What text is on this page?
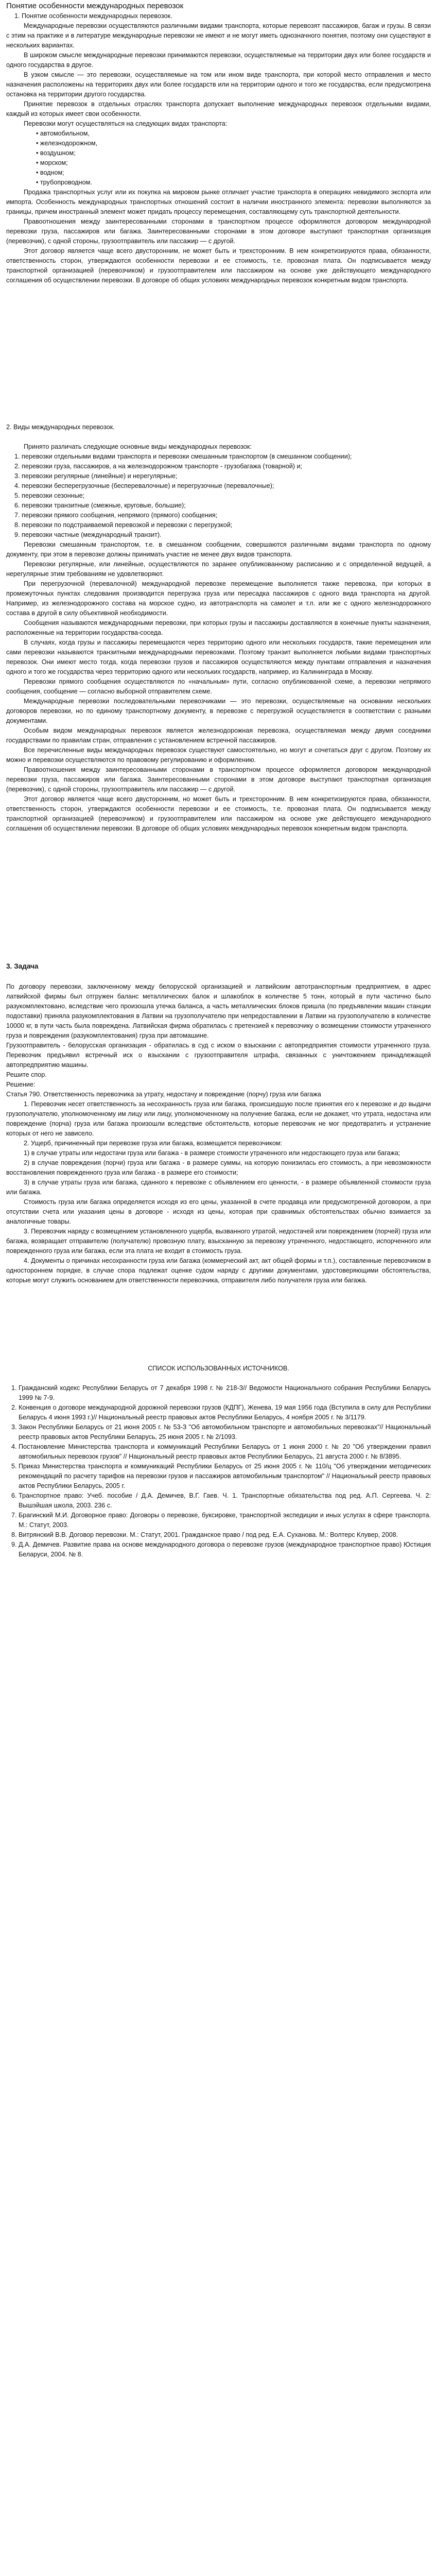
Понятие особенности международных перевозок
1. Понятие особенности международных перевозок.

Международные перевозки осуществляются различными видами транспорта, которые перевозят пассажиров, багаж и грузы. В связи с этим на практике и в литературе международные перевозки не имеют и не могут иметь однозначного понятия, поэтому они существуют в нескольких вариантах.

В широком смысле международные перевозки принимаются перевозки, осуществляемые на территории двух или более государств и одного государства в другое.

В узком смысле — это перевозки, осуществляемые на том или ином виде транспорта, при которой место отправления и место назначения расположены на территориях двух или более государств или на территории одного и того же государства, если предусмотрена остановка на территории другого государства.

Принятие перевозок в отдельных отраслях транспорта допускает выполнение международных перевозок отдельными видами, каждый из которых имеет свои особенности.

Перевозки могут осуществляться на следующих видах транспорта:

• автомобильном,

• железнодорожном,

• воздушном;

• морском;

• водном;

• трубопроводном.

Продажа транспортных услуг или их покупка на мировом рынке отличает участие транспорта в операциях невидимого экспорта или импорта. Особенность международных транспортных отношений состоит в наличии иностранного элемента: перевозки выполняются за границы, причем иностранный элемент может придать процессу перемещения, составляющему суть транспортной деятельности.

Правоотношения между заинтересованными сторонами в транспортном процессе оформляются договором международной перевозки груза, пассажиров или багажа. Заинтересованными сторонами в этом договоре выступают транспортная организация (перевозчик), с одной стороны, грузоотправитель или пассажир — с другой.

Этот договор является чаще всего двусторонним, не может быть и трехсторонним. В нем конкретизируются права, обязанности, ответственность сторон, утверждаются особенности перевозки и ее стоимость, т.е. провозная плата. Он подписывается между транспортной организацией (перевозчиком) и грузоотправителем или пассажиром на основе уже действующего международного соглашения об осуществлении перевозки. В договоре об общих условиях международных перевозок конкретным видом транспорта.

2. Виды международных перевозок.

Принято различать следующие основные виды международных перевозок:

1. перевозки отдельными видами транспорта и перевозки смешанным транспортом (в смешанном сообщении);
2. перевозки груза, пассажиров, а на железнодорожном транспорте - грузобагажа (товарной) и;
3. перевозки регулярные (линейные) и нерегулярные;
4. перевозки бесперегрузочные (бесперевалочные) и перегрузочные (перевалочные);
5. перевозки сезонные;
6. перевозки транзитные (смежные, круговые, большие);
7. перевозки прямого сообщения, непрямого (прямого) сообщения;
8. перевозки по подстраиваемой перевозкой и перевозки с перегрузкой;
9. перевозки частные (международный транзит).

Перевозки смешанным транспортом, т.е. в смешанном сообщении, совершаются различными видами транспорта по одному документу, при этом в перевозке должны принимать участие не менее двух видов транспорта.

Перевозки регулярные, или линейные, осуществляются по заранее опубликованному расписанию и с определенной ведущей, а нерегулярные этим требованиям не удовлетворяют.

При перегрузочной (перевалочной) международной перевозке перемещение выполняется также перевозка, при которых в промежуточных пунктах следования производится перегрузка груза или пересадка пассажиров с одного вида транспорта на другой. Например, из железнодорожного состава на морское судно, из автотранспорта на самолет и т.п. или же с одного железнодорожного состава в другой в силу объективной необходимости.

Сообщения называются международными перевозки, при которых грузы и пассажиры доставляются в конечные пункты назначения, расположенные на территории государства-соседа.

В случаях, когда грузы и пассажиры перемещаются через территорию одного или нескольких государств, такие перемещения или сами перевозки называются транзитными международными перевозками. Поэтому транзит выполняется любыми видами транспортных перевозок. Они имеют место тогда, когда перевозки грузов и пассажиров осуществляются между пунктами отправления и назначения одного и того же государства через территорию одного или нескольких государств, например, из Калининграда в Москву.

Перевозки прямого сообщения осуществляются по «начальным» пути, согласно опубликованной схеме, а перевозки непрямого сообщения, сообщение — согласно выборной отправителем схеме.

Международные перевозки последовательными перевозчиками — это перевозки, осуществляемые на основании нескольких договоров перевозки, но по единому транспортному документу, в перевозке с перегрузкой осуществляется в соответствии с разными документами.

Особым видом международных перевозок является железнодорожная перевозка, осуществляемая между двумя соседними государствами по правилам стран, отправления с установлением встречной пассажиров.

Все перечисленные виды международных перевозок существуют самостоятельно, но могут и сочетаться друг с другом. Поэтому их можно и перевозки осуществляются по правовому регулированию и оформлению.

Правоотношения между заинтересованными сторонами в транспортном процессе оформляется договором международной перевозки груза, пассажиров или багажа. Заинтересованными сторонами в этом договоре выступают транспортная организация (перевозчик), с одной стороны, грузоотправитель или пассажир — с другой.

Этот договор является чаще всего двусторонним, но может быть и трехсторонним. В нем конкретизируются права, обязанности, ответственность сторон, утверждаются особенности перевозки и ее стоимость, т.е. провозная плата. Он подписывается между транспортной организацией (перевозчиком) и грузоотправителем или пассажиром на основе уже действующего международного соглашения об осуществлении перевозки. В договоре об общих условиях международных перевозок конкретным видом транспорта.

3. Задача

По договору перевозки, заключенному между белорусской организацией и латвийским автотранспортным предприятием, в адрес латвийской фирмы был отгружен баланс металлических балок и шлакоблок в количестве 5 тонн, который в пути частично было разукомплектовано, вследствие чего произошла утечка баланса, а часть металлических блоков пришла (по предъявлении машин станции подоставки) приняла разукомплектования в Латвии на грузополучателю при непредоставлении в Латвии на грузополучателю в количестве 10000 кг, в пути часть была повреждена. Латвийская фирма обратилась с претензией к перевозчику о возмещении стоимости утраченного груза и повреждения (разукомплектования) груза при автомашине.

Грузоотправитель - белорусская организация - обратилась в суд с иском о взыскании с автопредприятия стоимости утраченного груза. Перевозчик предъявил встречный иск о взыскании с грузоотправителя штрафа, связанных с уничтожением принадлежащей автопредприятию машины.

Решите спор.

Решение:

Статья 790. Ответственность перевозчика за утрату, недостачу и повреждение (порчу) груза или багажа

1. Перевозчик несет ответственность за несохранность груза или багажа, происшедшую после принятия его к перевозке и до выдачи грузополучателю, уполномоченному им лицу или лицу, уполномоченному на получение багажа, если не докажет, что утрата, недостача или повреждение (порча) груза или багажа произошли вследствие обстоятельств, которые перевозчик не мог предотвратить и устранение которых от него не зависело.

2. Ущерб, причиненный при перевозке груза или багажа, возмещается перевозчиком:

1) в случае утраты или недостачи груза или багажа - в размере стоимости утраченного или недостающего груза или багажа;

2) в случае повреждения (порчи) груза или багажа - в размере суммы, на которую понизилась его стоимость, а при невозможности восстановления поврежденного груза или багажа - в размере его стоимости;

3) в случае утраты груза или багажа, сданного к перевозке с объявлением его ценности, - в размере объявленной стоимости груза или багажа.

Стоимость груза или багажа определяется исходя из его цены, указанной в счете продавца или предусмотренной договором, а при отсутствии счета или указания цены в договоре - исходя из цены, которая при сравнимых обстоятельствах обычно взимается за аналогичные товары.

3. Перевозчик наряду с возмещением установленного ущерба, вызванного утратой, недостачей или повреждением (порчей) груза или багажа, возвращает отправителю (получателю) провозную плату, взысканную за перевозку утраченного, недостающего, испорченного или поврежденного груза или багажа, если эта плата не входит в стоимость груза.

4. Документы о причинах несохранности груза или багажа (коммерческий акт, акт общей формы и т.п.), составленные перевозчиком в одностороннем порядке, в случае спора подлежат оценке судом наряду с другими документами, удостоверяющими обстоятельства, которые могут служить основанием для ответственности перевозчика, отправителя либо получателя груза или багажа.

СПИСОК ИСПОЛЬЗОВАННЫХ ИСТОЧНИКОВ.

1. Гражданский кодекс Республики Беларусь от 7 декабря 1998 г. № 218-З// Ведомости Национального собрания Республики Беларусь 1999 № 7-9.
2. Конвенция о договоре международной дорожной перевозки грузов (КДПГ), Женева, 19 мая 1956 года (Вступила в силу для Республики Беларусь 4 июня 1993 г.)// Национальный реестр правовых актов Республики Беларусь, 4 ноября 2005 г. № 3/1179.
3. Закон Республики Беларусь от 21 июня 2005 г. № 53-З "Об автомобильном транспорте и автомобильных перевозках"// Национальный реестр правовых актов Республики Беларусь, 25 июня 2005 г. № 2/1093.
4. Постановление Министерства транспорта и коммуникаций Республики Беларусь от 1 июня 2000 г. № 20 "Об утверждении правил автомобильных перевозок грузов" // Национальный реестр правовых актов Республики Беларусь, 21 августа 2000 г. № 8/3895.
5. Приказ Министерства транспорта и коммуникаций Республики Беларусь от 25 июня 2005 г. № 110/ц "Об утверждении методических рекомендаций по расчету тарифов на перевозки грузов и пассажиров автомобильным транспортом" // Национальный реестр правовых актов Республики Беларусь, 2005 г.
6. Транспортное право: Учеб. пособие / Д.А. Демичев, В.Г. Гаев. Ч. 1. Транспортные обязательства под ред. А.П. Сергеева. Ч. 2: Вышэйшая школа, 2003. 236 с.
7. Брагинский М.И. Договорное право: Договоры о перевозке, буксировке, транспортной экспедиции и иных услугах в сфере транспорта. М.: Статут, 2003.
8. Витрянский В.В. Договор перевозки. М.: Статут, 2001. Гражданское право / под ред. Е.А. Суханова. М.: Волтерс Клувер, 2008.
9. Д.А. Демичев. Развитие права на основе международного договора о перевозке грузов (международное транспортное право) Юстиция Беларуси, 2004. № 8.
